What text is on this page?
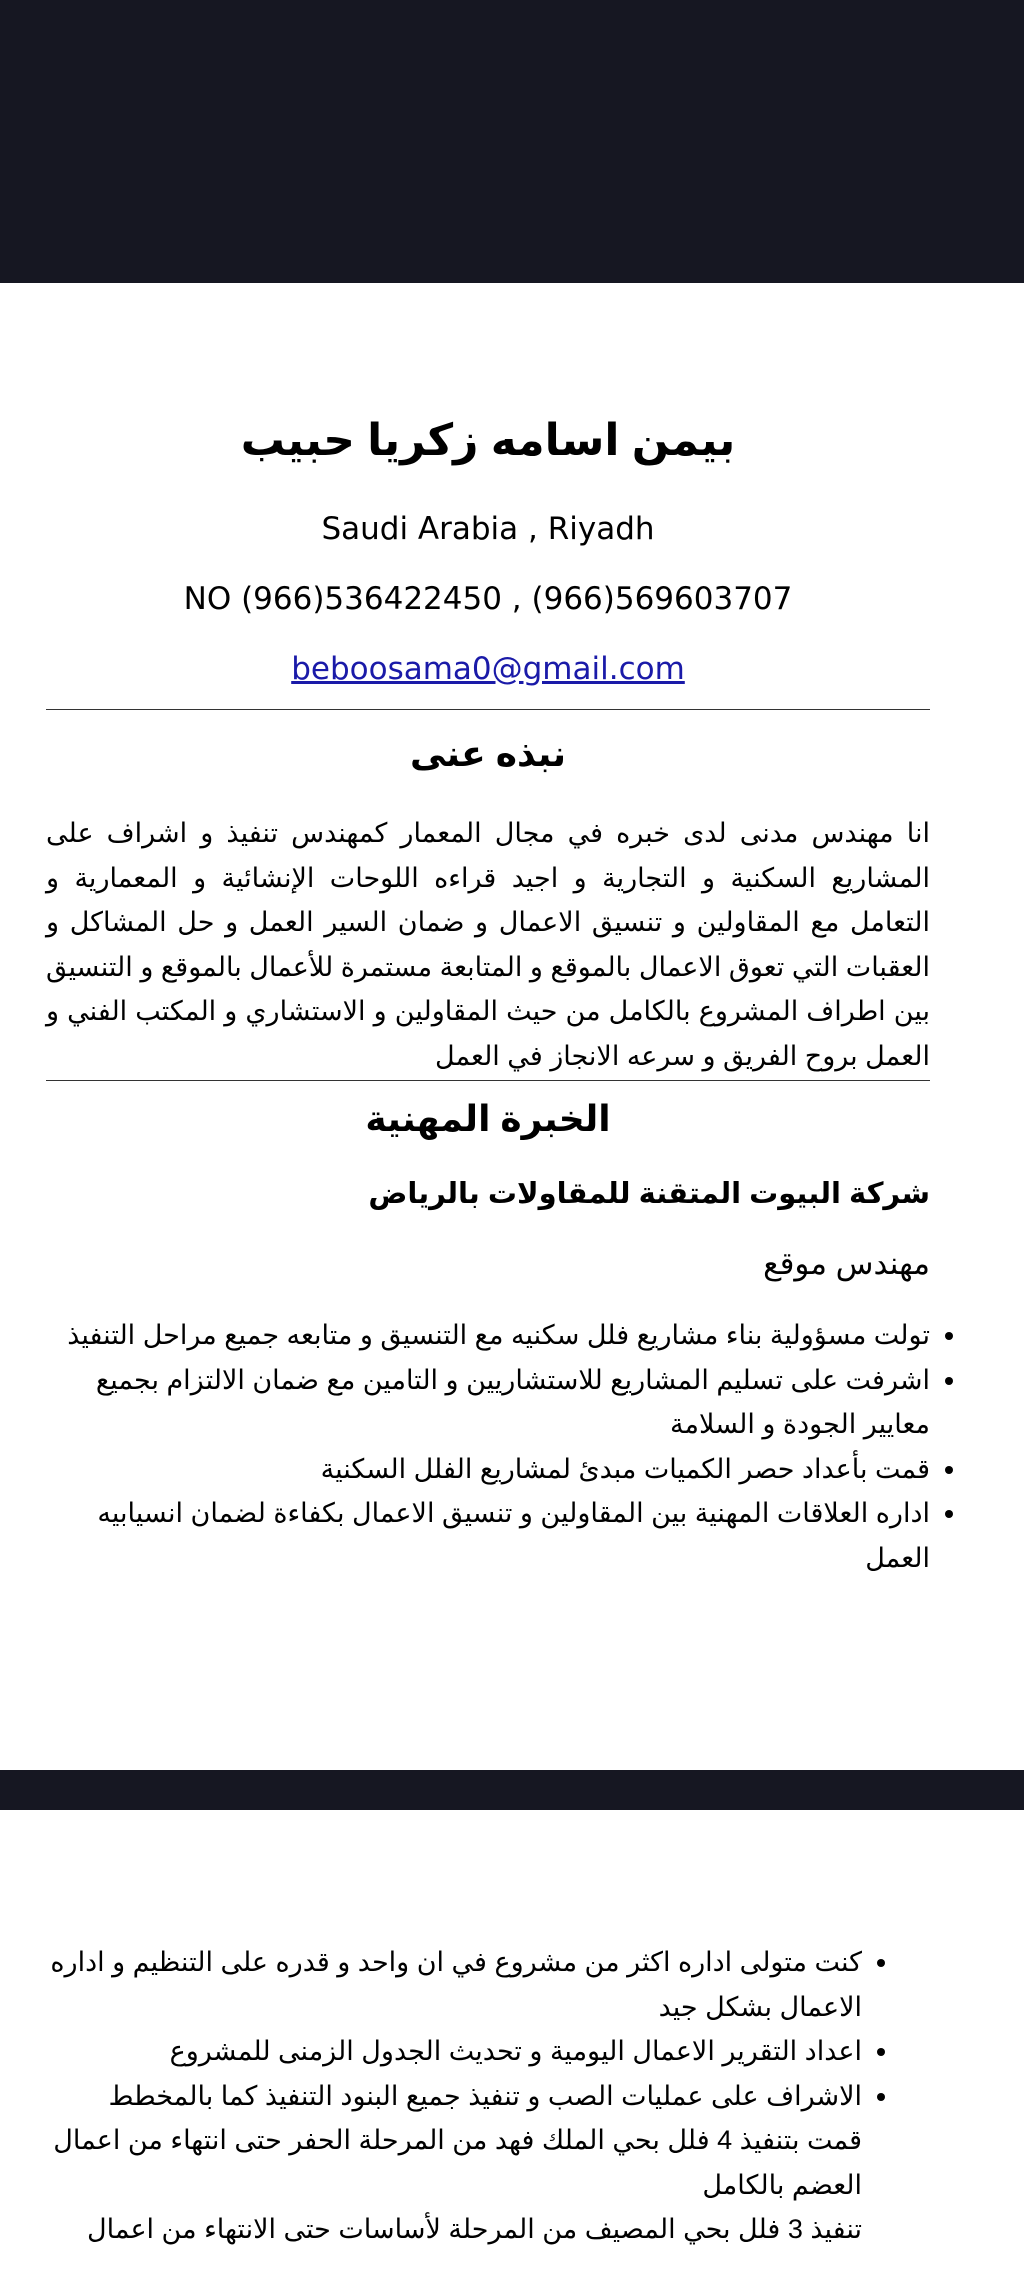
بيمن اسامه زكريا حبيب

Saudi Arabia , Riyadh

NO (966)536422450 , (966)569603707

beboosama0@gmail.com

نبذه عنى

انا مهندس مدنى لدى خبره في مجال المعمار كمهندس تنفيذ و اشراف على المشاريع السكنية و التجارية و اجيد قراءه اللوحات الإنشائية و المعمارية و التعامل مع المقاولين و تنسيق الاعمال و ضمان السير العمل و حل المشاكل و العقبات التي تعوق الاعمال بالموقع و المتابعة مستمرة للأعمال بالموقع و التنسيق بين اطراف المشروع بالكامل من حيث المقاولين و الاستشاري و المكتب الفني و العمل بروح الفريق و سرعه الانجاز في العمل

الخبرة المهنية

شركة البيوت المتقنة للمقاولات بالرياض

مهندس موقع

• تولت مسؤولية بناء مشاريع فلل سكنيه مع التنسيق و متابعه جميع مراحل التنفيذ
• اشرفت على تسليم المشاريع للاستشاريين و التامين مع ضمان الالتزام بجميع معايير الجودة و السلامة
• قمت بأعداد حصر الكميات مبدئ لمشاريع الفلل السكنية
• اداره العلاقات المهنية بين المقاولين و تنسيق الاعمال بكفاءة لضمان انسيابيه العمل
• كنت متولى اداره اكثر من مشروع في ان واحد و قدره على التنظيم و اداره الاعمال بشكل جيد
• اعداد التقرير الاعمال اليومية و تحديث الجدول الزمنى للمشروع
• الاشراف على عمليات الصب و تنفيذ جميع البنود التنفيذ كما بالمخطط

قمت بتنفيذ 4 فلل بحي الملك فهد من المرحلة الحفر حتى انتهاء من اعمال العضم بالكامل

تنفيذ 3 فلل بحي المصيف من المرحلة لأساسات حتى الانتهاء من اعمال
